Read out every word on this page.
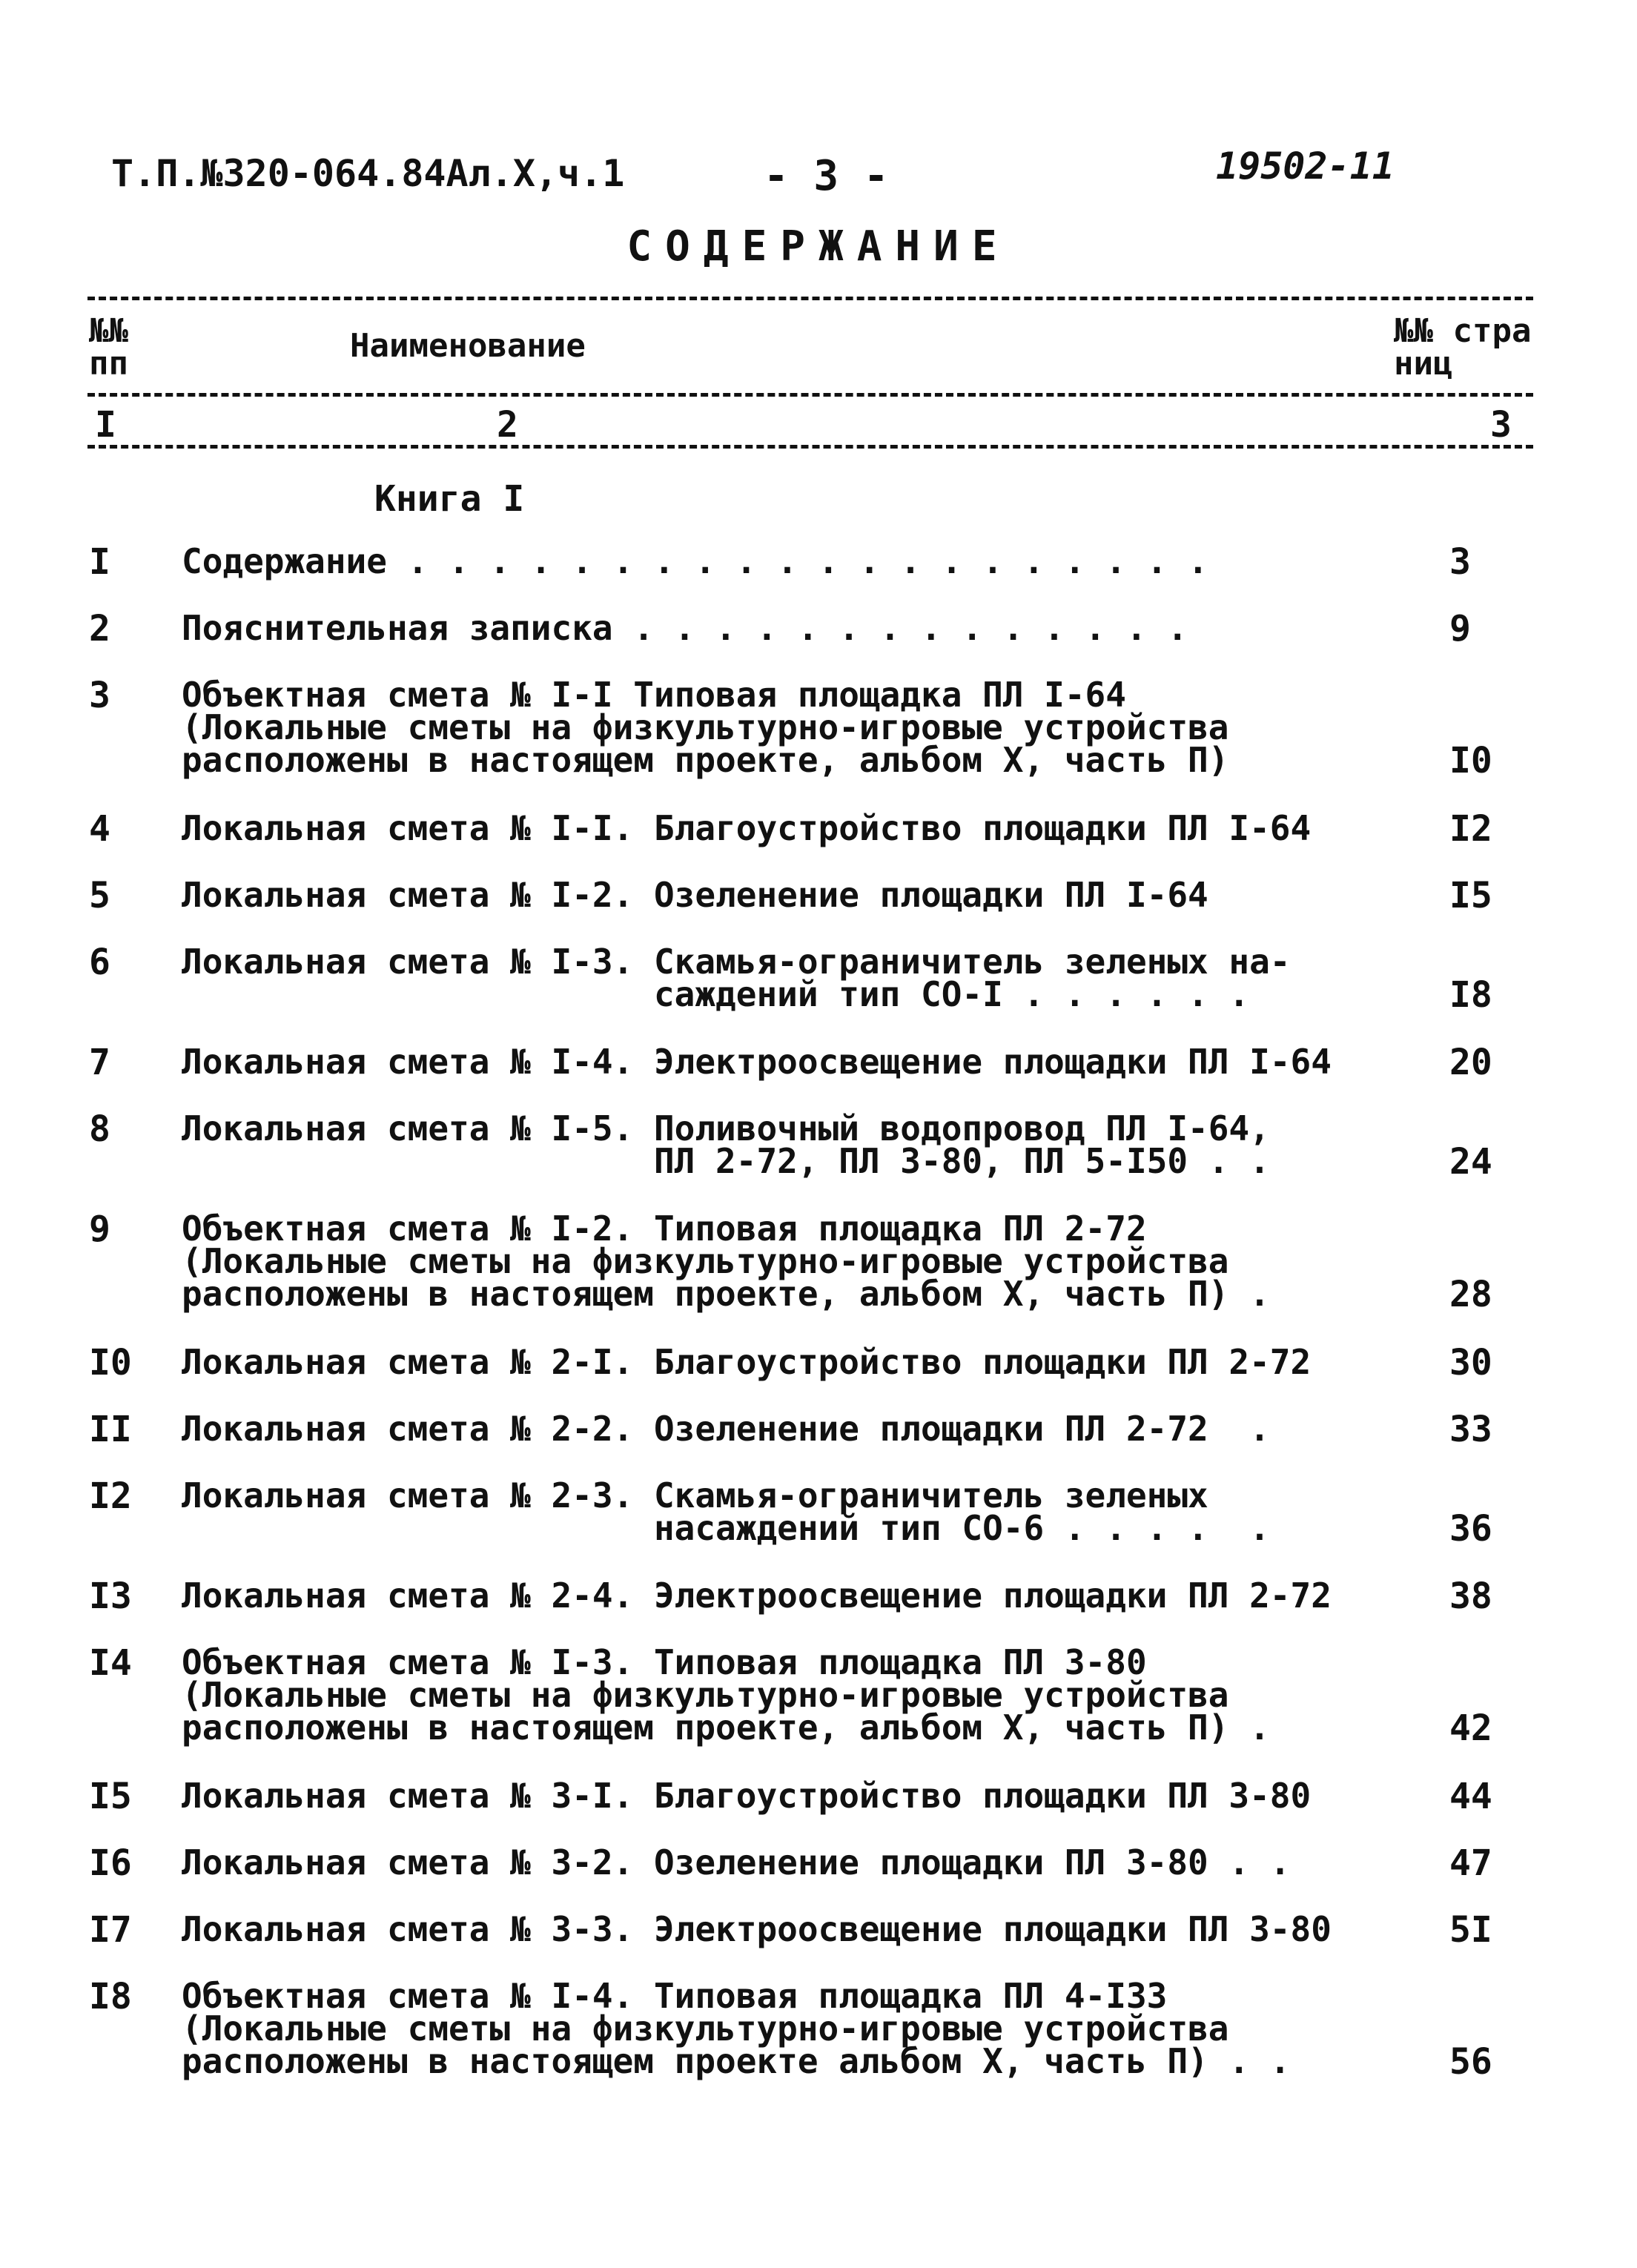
Т.П.№320-064.84Ал.Х,ч.1	- 3 -	19502-11
СОДЕРЖАНИЕ
№№
пп	Наименование	№№ стра
ниц
I	2	3
Книга I
I Содержание . . . . . . . . . . . . . . . . . . . .	3
2 Пояснительная записка . . . . . . . . . . . . . .	9
3 Объектная смета № I-I Типовая площадка ПЛ I-64
(Локальные сметы на физкультурно-игровые устройства
расположены в настоящем проекте, альбом X, часть П)	I0
4 Локальная смета № I-I. Благоустройство площадки ПЛ I-64	I2
5 Локальная смета № I-2. Озеленение площадки ПЛ I-64	I5
6 Локальная смета № I-3. Скамья-ограничитель зеленых на-
саждений тип СО-I . . . . . .	I8
7 Локальная смета № I-4. Электроосвещение площадки ПЛ I-64	20
8 Локальная смета № I-5. Поливочный водопровод ПЛ I-64,
ПЛ 2-72, ПЛ 3-80, ПЛ 5-I50 . .	24
9 Объектная смета № I-2. Типовая площадка ПЛ 2-72
(Локальные сметы на физкультурно-игровые устройства
расположены в настоящем проекте, альбом X, часть П) .	28
I0 Локальная смета № 2-I. Благоустройство площадки ПЛ 2-72	30
II Локальная смета № 2-2. Озеленение площадки ПЛ 2-72  .	33
I2 Локальная смета № 2-3. Скамья-ограничитель зеленых
насаждений тип СО-6 . . . .  .	36
I3 Локальная смета № 2-4. Электроосвещение площадки ПЛ 2-72	38
I4 Объектная смета № I-3. Типовая площадка ПЛ 3-80
(Локальные сметы на физкультурно-игровые устройства
расположены в настоящем проекте, альбом X, часть П) .	42
I5 Локальная смета № 3-I. Благоустройство площадки ПЛ 3-80	44
I6 Локальная смета № 3-2. Озеленение площадки ПЛ 3-80 . .	47
I7 Локальная смета № 3-3. Электроосвещение площадки ПЛ 3-80	5I
I8 Объектная смета № I-4. Типовая площадка ПЛ 4-I33
(Локальные сметы на физкультурно-игровые устройства
расположены в настоящем проекте альбом X, часть П) . .	56
